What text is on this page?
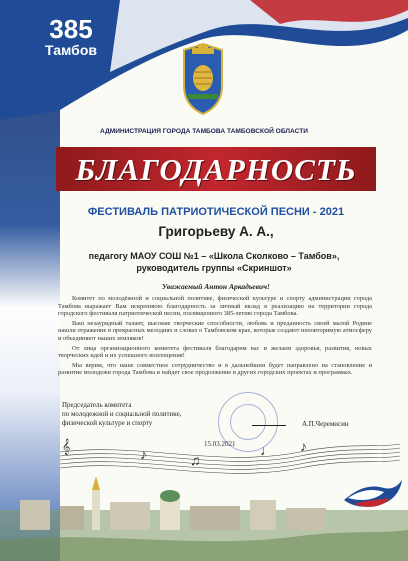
385
Тамбов
АДМИНИСТРАЦИЯ ГОРОДА ТАМБОВА ТАМБОВСКОЙ ОБЛАСТИ
БЛАГОДАРНОСТЬ
ФЕСТИВАЛЬ ПАТРИОТИЧЕСКОЙ ПЕСНИ - 2021
Григорьеву А. А.,
педагогу МАОУ СОШ №1 – «Школа Сколково – Тамбов»,
руководитель группы «Скриншот»
Уважаемый Антон Аркадьевич!

Комитет по молодёжной и социальной политике, физической культуре и спорту администрации города Тамбова выражает Вам искреннюю благодарность за личный вклад в реализацию на территории города городского фестиваля патриотической песни, посвященного 385-летию города Тамбова.

Ваш незаурядный талант, высокие творческие способности, любовь и преданность своей малой Родине нашли отражение в прекрасных мелодиях и словах о Тамбовском крае, которые создают неповторимую атмосферу и объединяют наших земляков!

От лица организационного комитета фестиваля благодарим вас и желаем здоровья, развития, новых творческих идей и их успешного воплощения!

Мы верим, что наше совместное сотрудничество и в дальнейшем будет направлено на становление и развитие молодежи города Тамбова и найдет свое продолжение в других городских проектах и программах.

Председатель комитета
по молодежной и социальной политике,
физической культуре и спорту	А.П.Черемисин
15.03.2021
𝄞
♪	♫
♩ ♪
